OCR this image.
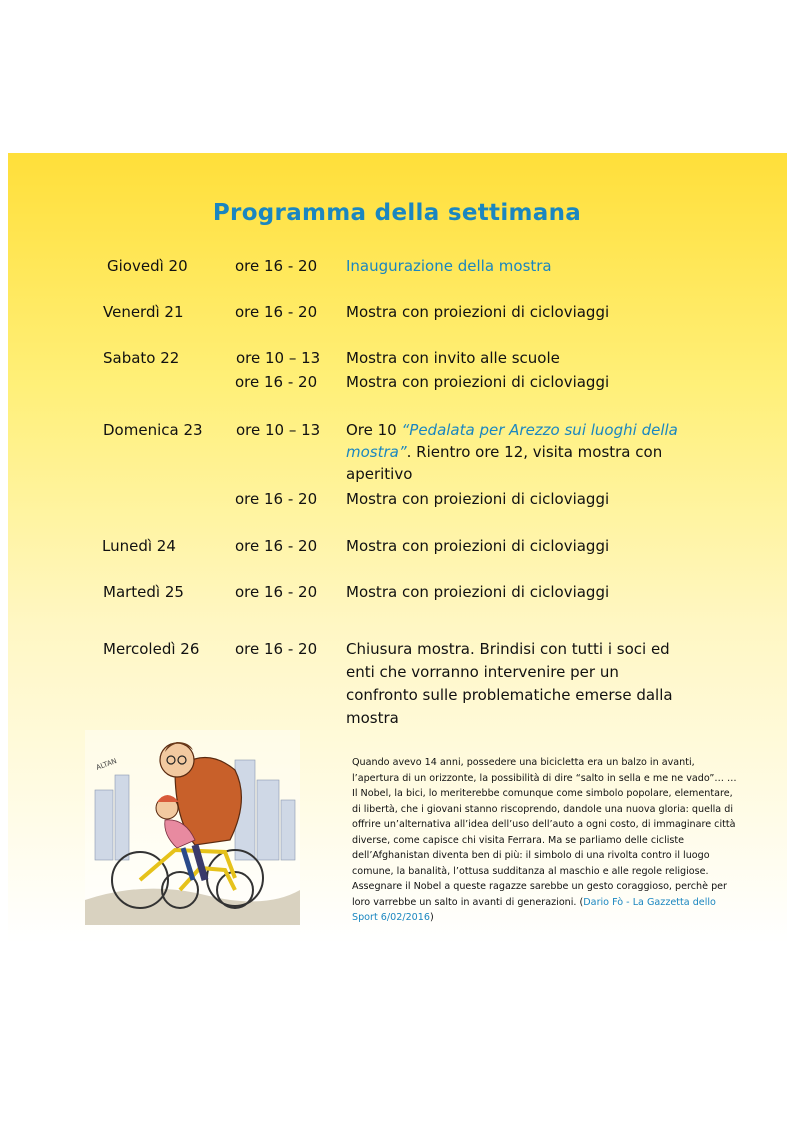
Programma della settimana
Giovedì 20	ore 16 - 20 Inaugurazione della mostra
Venerdì 21	ore 16 - 20 Mostra con proiezioni di cicloviaggi
Sabato 22	ore 10 – 13 Mostra con invito alle scuole
ore 16 - 20 Mostra con proiezioni di cicloviaggi
Domenica 23 ore 10 – 13 Ore 10 “Pedalata per Arezzo sui luoghi della mostra”. Rientro ore 12, visita mostra con aperitivo
ore 16 - 20 Mostra con proiezioni di cicloviaggi
Lunedì 24	ore 16 - 20 Mostra con proiezioni di cicloviaggi
Martedì 25	ore 16 - 20 Mostra con proiezioni di cicloviaggi
Mercoledì 26 ore 16 - 20 Chiusura mostra. Brindisi con tutti i soci ed enti che vorranno intervenire per un confronto sulle problematiche emerse dalla mostra
ALTAN	Quando avevo 14 anni, possedere una bicicletta era un balzo in avanti, l’apertura di un orizzonte, la possibilità di dire “salto in sella e me ne vado”… …Il Nobel, la bici, lo meriterebbe comunque come simbolo popolare, elementare, di libertà, che i giovani stanno riscoprendo, dandole una nuova gloria: quella di offrire un’alternativa all’idea dell’uso dell’auto a ogni costo, di immaginare città diverse, come capisce chi visita Ferrara. Ma se parliamo delle cicliste dell’Afghanistan diventa ben di più: il simbolo di una rivolta contro il luogo comune, la banalità, l’ottusa sudditanza al maschio e alle regole religiose. Assegnare il Nobel a queste ragazze sarebbe un gesto coraggioso, perchè per loro varrebbe un salto in avanti di generazioni. (Dario Fò - La Gazzetta dello Sport 6/02/2016)
